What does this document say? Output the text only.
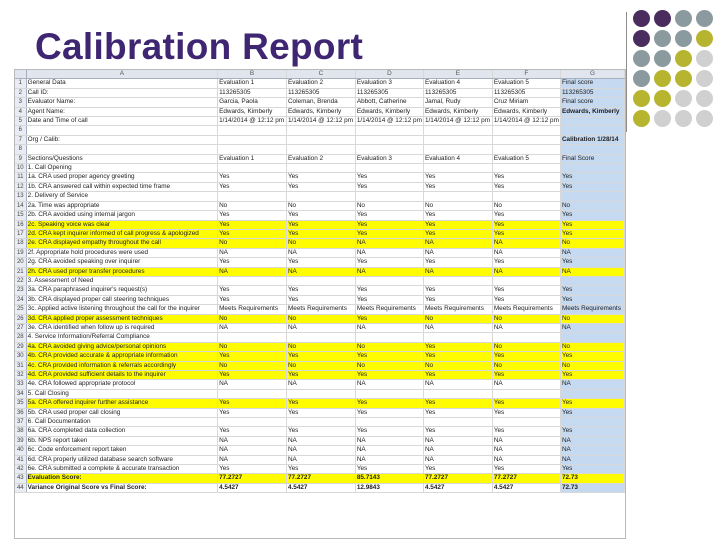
Calibration Report
	A	B	C	D	E	F	G
1	General Data	Evaluation 1	Evaluation 2	Evaluation 3	Evaluation 4	Evaluation 5	Final score
2	Call ID:	113265305	113265305	113265305	113265305	113265305	113265305
3	Evaluator Name:	Garcia, Paola	Coleman, Brenda	Abbott, Catherine	Jamal, Rudy	Cruz Miriam	Final score
4	Agent Name:	Edwards, Kimberly	Edwards, Kimberly	Edwards, Kimberly	Edwards, Kimberly	Edwards, Kimberly	Edwards, Kimberly
5	Date and Time of call	1/14/2014 @ 12:12 pm	1/14/2014 @ 12:12 pm	1/14/2014 @ 12:12 pm	1/14/2014 @ 12:12 pm	1/14/2014 @ 12:12 pm	
6							
7	Org / Calib:						Calibration 1/28/14
8							
9	Sections/Questions	Evaluation 1	Evaluation 2	Evaluation 3	Evaluation 4	Evaluation 5	Final Score
10	1. Call Opening						
11	1a. CRA used proper agency greeting	Yes	Yes	Yes	Yes	Yes	Yes
12	1b. CRA answered call within expected time frame	Yes	Yes	Yes	Yes	Yes	Yes
13	2. Delivery of Service						
14	2a. Time was appropriate	No	No	No	No	No	No
15	2b. CRA avoided using internal jargon	Yes	Yes	Yes	Yes	Yes	Yes
16	2c. Speaking voice was clear	Yes	Yes	Yes	Yes	Yes	Yes
17	2d. CRA kept inquirer informed of call progress & apologized	Yes	Yes	Yes	Yes	Yes	Yes
18	2e. CRA displayed empathy throughout the call	No	No	NA	NA	NA	No
19	2f. Appropriate hold procedures were used	NA	NA	NA	NA	NA	NA
20	2g. CRA avoided speaking over inquirer	Yes	Yes	Yes	Yes	Yes	Yes
21	2h. CRA used proper transfer procedures	NA	NA	NA	NA	NA	NA
22	3. Assessment of Need						
23	3a. CRA paraphrased inquirer's request(s)	Yes	Yes	Yes	Yes	Yes	Yes
24	3b. CRA displayed proper call steering techniques	Yes	Yes	Yes	Yes	Yes	Yes
25	3c. Applied active listening throughout the call for the inquirer	Meets Requirements	Meets Requirements	Meets Requirements	Meets Requirements	Meets Requirements	Meets Requirements
26	3d. CRA applied proper assessment techniques	No	No	Yes	No	No	No
27	3e. CRA identified when follow up is required	NA	NA	NA	NA	NA	NA
28	4. Service Information/Referral Compliance						
29	4a. CRA avoided giving advice/personal opinions	No	No	No	Yes	No	No
30	4b. CRA provided accurate & appropriate information	Yes	Yes	Yes	Yes	Yes	Yes
31	4c. CRA provided information & referrals accordingly	No	No	No	No	No	No
32	4d. CRA provided sufficient details to the inquirer	Yes	Yes	Yes	Yes	Yes	Yes
33	4e. CRA followed appropriate protocol	NA	NA	NA	NA	NA	NA
34	5. Call Closing						
35	5a. CRA offered inquirer further assistance	Yes	Yes	Yes	Yes	Yes	Yes
36	5b. CRA used proper call closing	Yes	Yes	Yes	Yes	Yes	Yes
37	6. Call Documentation						
38	6a. CRA completed data collection	Yes	Yes	Yes	Yes	Yes	Yes
39	6b. NPS report taken	NA	NA	NA	NA	NA	NA
40	6c. Code enforcement report taken	NA	NA	NA	NA	NA	NA
41	6d. CRA properly utilized database search software	NA	NA	NA	NA	NA	NA
42	6e. CRA submitted a complete & accurate transaction	Yes	Yes	Yes	Yes	Yes	Yes
43	Evaluation Score:	77.2727	77.2727	85.7143	77.2727	77.2727	72.73
44	Variance Original Score vs Final Score:	4.5427	4.5427	12.9843	4.5427	4.5427	72.73
